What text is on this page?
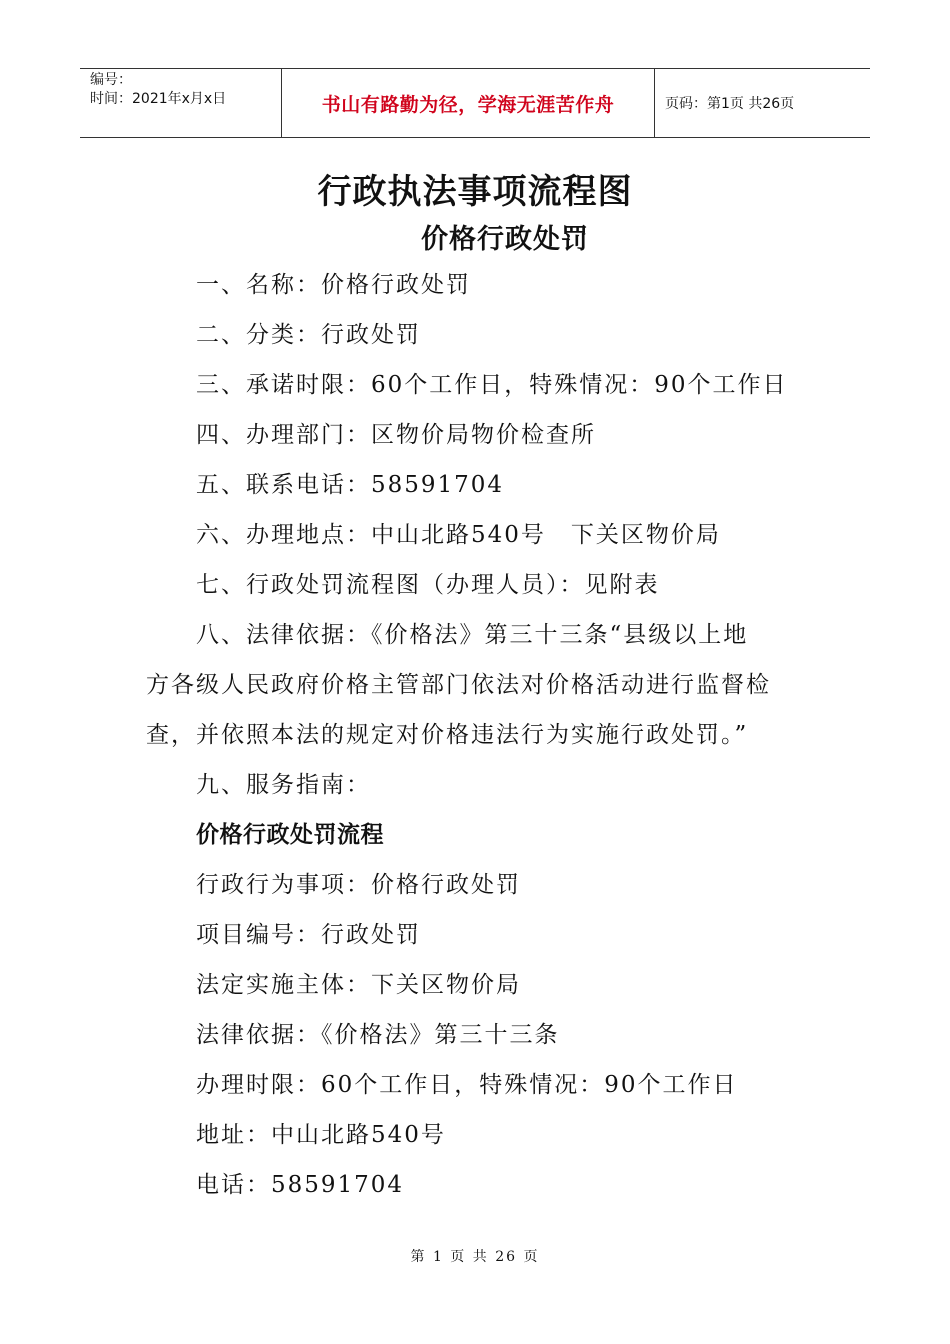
编号：
时间：2021年x月x日	书山有路勤为径，学海无涯苦作舟	页码：第1页 共26页
行政执法事项流程图
价格行政处罚
一、名称：价格行政处罚
二、分类：行政处罚
三、承诺时限：60个工作日，特殊情况：90个工作日
四、办理部门：区物价局物价检查所
五、联系电话：58591704
六、办理地点：中山北路540号　下关区物价局
七、行政处罚流程图（办理人员）：见附表
八、法律依据：《价格法》第三十三条“县级以上地
方各级人民政府价格主管部门依法对价格活动进行监督检
查，并依照本法的规定对价格违法行为实施行政处罚。”
九、服务指南：
价格行政处罚流程
行政行为事项：价格行政处罚
项目编号：行政处罚
法定实施主体：下关区物价局
法律依据：《价格法》第三十三条
办理时限：60个工作日，特殊情况：90个工作日
地址：中山北路540号
电话：58591704
第 1 页 共 26 页
